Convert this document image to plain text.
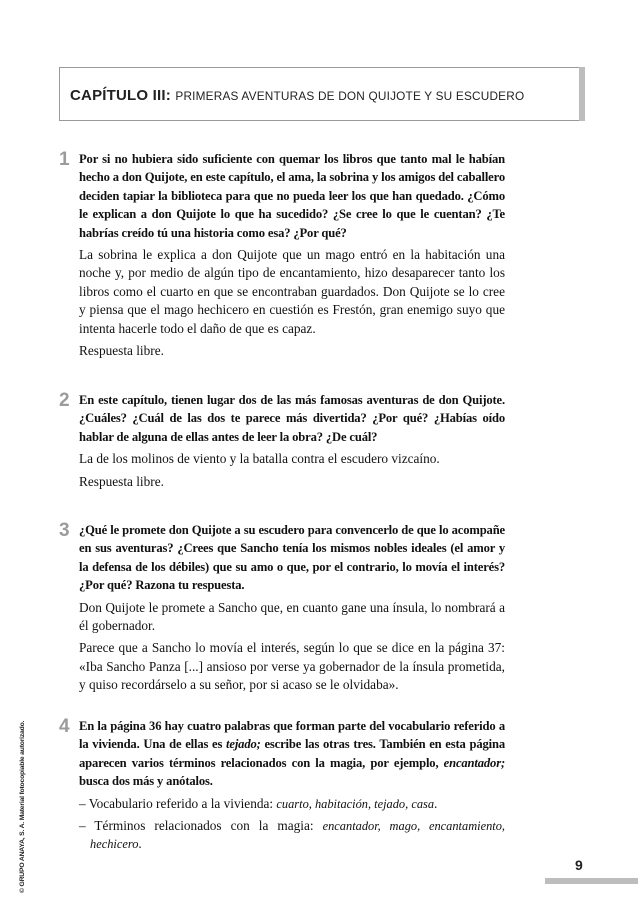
CAPÍTULO III: PRIMERAS AVENTURAS DE DON QUIJOTE Y SU ESCUDERO
© GRUPO ANAYA, S. A. Material fotocopiable autorizado.
1 Por si no hubiera sido suficiente con quemar los libros que tanto mal le habían hecho a don Quijote, en este capítulo, el ama, la sobrina y los amigos del caballero deciden tapiar la biblioteca para que no pueda leer los que han quedado. ¿Cómo le explican a don Quijote lo que ha sucedido? ¿Se cree lo que le cuentan? ¿Te habrías creído tú una historia como esa? ¿Por qué?

La sobrina le explica a don Quijote que un mago entró en la habitación una noche y, por medio de algún tipo de encantamiento, hizo desaparecer tanto los libros como el cuarto en que se encontraban guardados. Don Quijote se lo cree y piensa que el mago hechicero en cuestión es Frestón, gran enemigo suyo que intenta hacerle todo el daño de que es capaz.

Respuesta libre.

2 En este capítulo, tienen lugar dos de las más famosas aventuras de don Quijote. ¿Cuáles? ¿Cuál de las dos te parece más divertida? ¿Por qué? ¿Habías oído hablar de alguna de ellas antes de leer la obra? ¿De cuál?

La de los molinos de viento y la batalla contra el escudero vizcaíno.

Respuesta libre.

3 ¿Qué le promete don Quijote a su escudero para convencerlo de que lo acompañe en sus aventuras? ¿Crees que Sancho tenía los mismos nobles ideales (el amor y la defensa de los débiles) que su amo o que, por el contrario, lo movía el interés? ¿Por qué? Razona tu respuesta.

Don Quijote le promete a Sancho que, en cuanto gane una ínsula, lo nombrará a él gobernador.

Parece que a Sancho lo movía el interés, según lo que se dice en la página 37: «Iba Sancho Panza [...] ansioso por verse ya gobernador de la ínsula prometida, y quiso recordárselo a su señor, por si acaso se le olvidaba».

4 En la página 36 hay cuatro palabras que forman parte del vocabulario referido a la vivienda. Una de ellas es tejado; escribe las otras tres. También en esta página aparecen varios términos relacionados con la magia, por ejemplo, encantador; busca dos más y anótalos.

– Vocabulario referido a la vivienda: cuarto, habitación, tejado, casa.

– Términos relacionados con la magia: encantador, mago, encantamiento, hechicero.

9
